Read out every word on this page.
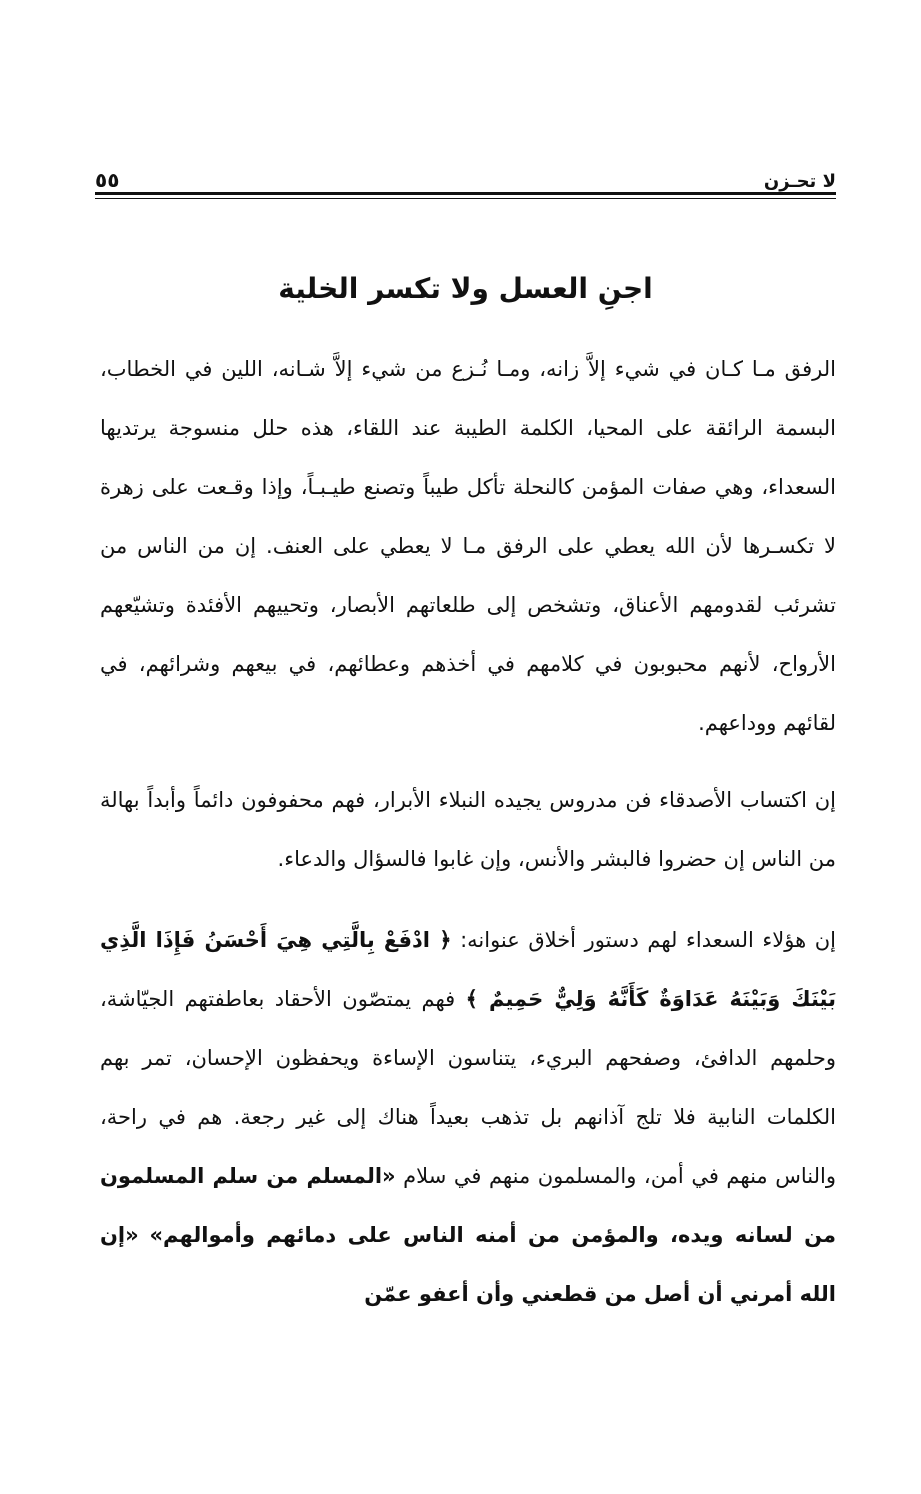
لا تحـزن
٥٥
اجنِ العسل ولا تكسر الخلية

الرفق مـا كـان في شيء إلاَّ زانه، ومـا نُـزع من شيء إلاَّ شـانه، اللين في الخطاب، البسمة الرائقة على المحيا، الكلمة الطيبة عند اللقاء، هذه حلل منسوجة يرتديها السعداء، وهي صفات المؤمن كالنحلة تأكل طيباً وتصنع طيـبـاً، وإذا وقـعت على زهرة لا تكسـرها لأن الله يعطي على الرفق مـا لا يعطي على العنف. إن من الناس من تشرئب لقدومهم الأعناق، وتشخص إلى طلعاتهم الأبصار، وتحييهم الأفئدة وتشيّعهم الأرواح، لأنهم محبوبون في كلامهم في أخذهم وعطائهم، في بيعهم وشرائهم، في لقائهم ووداعهم.

إن اكتساب الأصدقاء فن مدروس يجيده النبلاء الأبرار، فهم محفوفون دائماً وأبداً بهالة من الناس إن حضروا فالبشر والأنس، وإن غابوا فالسؤال والدعاء.

إن هؤلاء السعداء لهم دستور أخلاق عنوانه: ﴿ ادْفَعْ بِالَّتِي هِيَ أَحْسَنُ فَإِذَا الَّذِي بَيْنَكَ وَبَيْنَهُ عَدَاوَةٌ كَأَنَّهُ وَلِيٌّ حَمِيمٌ ﴾ فهم يمتصّون الأحقاد بعاطفتهم الجيّاشة، وحلمهم الدافئ، وصفحهم البريء، يتناسون الإساءة ويحفظون الإحسان، تمر بهم الكلمات النابية فلا تلج آذانهم بل تذهب بعيداً هناك إلى غير رجعة. هم في راحة، والناس منهم في أمن، والمسلمون منهم في سلام «المسلم من سلم المسلمون من لسانه ويده، والمؤمن من أمنه الناس على دمائهم وأموالهم» «إن الله أمرني أن أصل من قطعني وأن أعفو عمّن
